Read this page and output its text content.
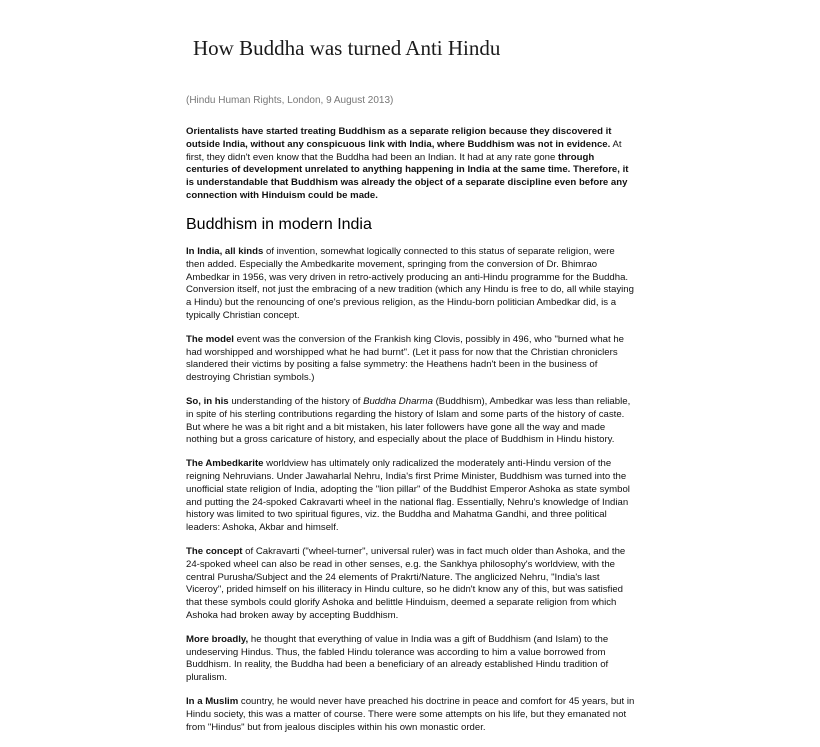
How Buddha was turned Anti Hindu
(Hindu Human Rights, London, 9 August 2013)

Orientalists have started treating Buddhism as a separate religion because they discovered it outside India, without any conspicuous link with India, where Buddhism was not in evidence. At first, they didn't even know that the Buddha had been an Indian. It had at any rate gone through centuries of development unrelated to anything happening in India at the same time. Therefore, it is understandable that Buddhism was already the object of a separate discipline even before any connection with Hinduism could be made.

Buddhism in modern India

In India, all kinds of invention, somewhat logically connected to this status of separate religion, were then added. Especially the Ambedkarite movement, springing from the conversion of Dr. Bhimrao Ambedkar in 1956, was very driven in retro-actively producing an anti-Hindu programme for the Buddha. Conversion itself, not just the embracing of a new tradition (which any Hindu is free to do, all while staying a Hindu) but the renouncing of one's previous religion, as the Hindu-born politician Ambedkar did, is a typically Christian concept.

The model event was the conversion of the Frankish king Clovis, possibly in 496, who "burned what he had worshipped and worshipped what he had burnt". (Let it pass for now that the Christian chroniclers slandered their victims by positing a false symmetry: the Heathens hadn't been in the business of destroying Christian symbols.)

So, in his understanding of the history of Buddha Dharma (Buddhism), Ambedkar was less than reliable, in spite of his sterling contributions regarding the history of Islam and some parts of the history of caste. But where he was a bit right and a bit mistaken, his later followers have gone all the way and made nothing but a gross caricature of history, and especially about the place of Buddhism in Hindu history.

The Ambedkarite worldview has ultimately only radicalized the moderately anti-Hindu version of the reigning Nehruvians. Under Jawaharlal Nehru, India's first Prime Minister, Buddhism was turned into the unofficial state religion of India, adopting the "lion pillar" of the Buddhist Emperor Ashoka as state symbol and putting the 24-spoked Cakravarti wheel in the national flag. Essentially, Nehru's knowledge of Indian history was limited to two spiritual figures, viz. the Buddha and Mahatma Gandhi, and three political leaders: Ashoka, Akbar and himself.

The concept of Cakravarti ("wheel-turner", universal ruler) was in fact much older than Ashoka, and the 24-spoked wheel can also be read in other senses, e.g. the Sankhya philosophy's worldview, with the central Purusha/Subject and the 24 elements of Prakrti/Nature. The anglicized Nehru, "India's last Viceroy", prided himself on his illiteracy in Hindu culture, so he didn't know any of this, but was satisfied that these symbols could glorify Ashoka and belittle Hinduism, deemed a separate religion from which Ashoka had broken away by accepting Buddhism.

More broadly, he thought that everything of value in India was a gift of Buddhism (and Islam) to the undeserving Hindus. Thus, the fabled Hindu tolerance was according to him a value borrowed from Buddhism. In reality, the Buddha had been a beneficiary of an already established Hindu tradition of pluralism.

In a Muslim country, he would never have preached his doctrine in peace and comfort for 45 years, but in Hindu society, this was a matter of course. There were some attempts on his life, but they emanated not from "Hindus" but from jealous disciples within his own monastic order.
